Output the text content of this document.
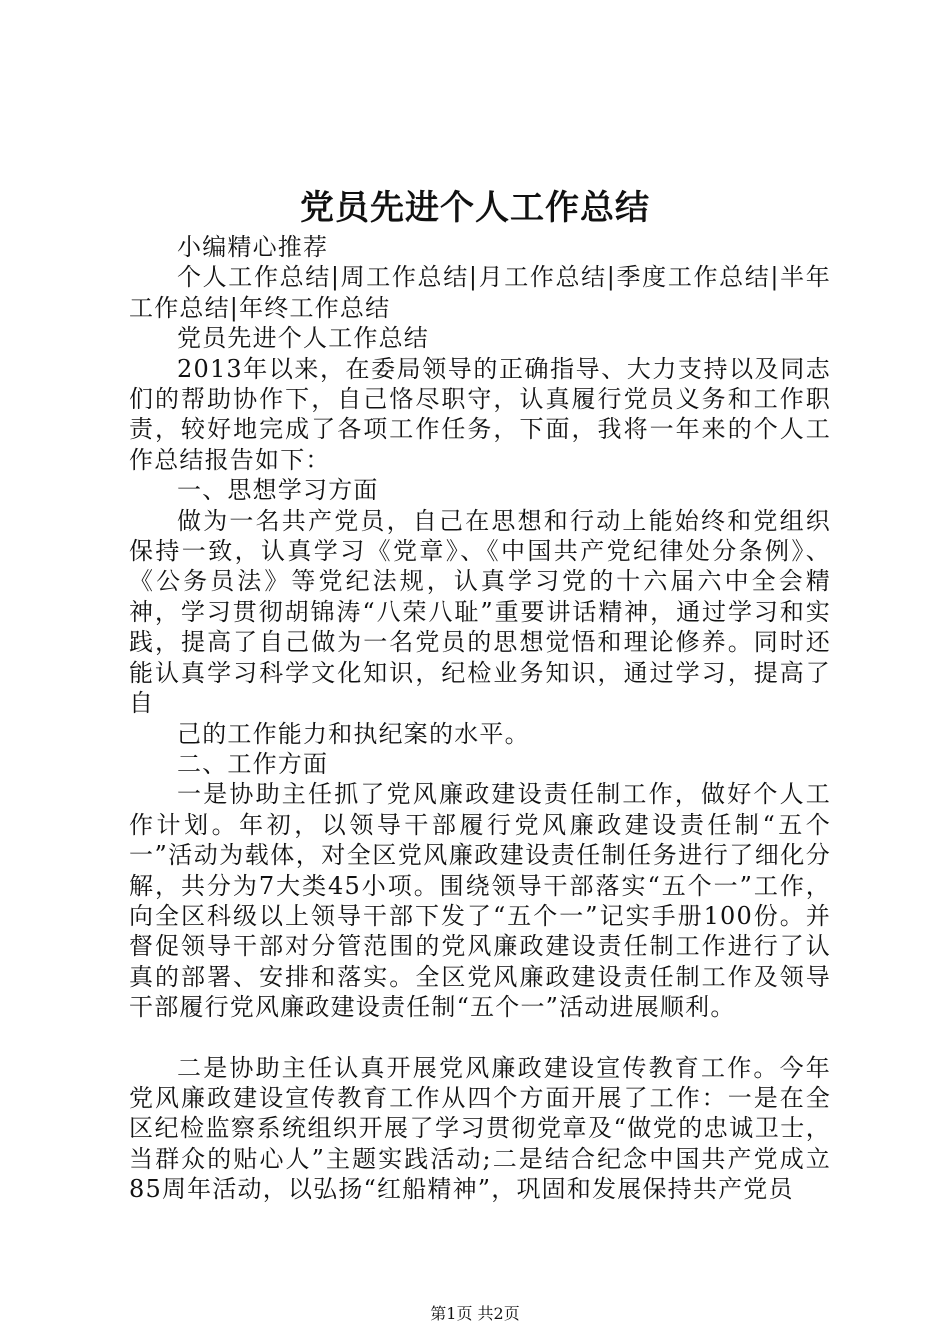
党员先进个人工作总结

小编精心推荐

个人工作总结|周工作总结|月工作总结|季度工作总结|半年工作总结|年终工作总结

党员先进个人工作总结

2013年以来，在委局领导的正确指导、大力支持以及同志们的帮助协作下，自己恪尽职守，认真履行党员义务和工作职责，较好地完成了各项工作任务，下面，我将一年来的个人工作总结报告如下：

一、思想学习方面

做为一名共产党员，自己在思想和行动上能始终和党组织保持一致，认真学习《党章》、《中国共产党纪律处分条例》、《公务员法》等党纪法规，认真学习党的十六届六中全会精神，学习贯彻胡锦涛“八荣八耻”重要讲话精神，通过学习和实践，提高了自己做为一名党员的思想觉悟和理论修养。同时还能认真学习科学文化知识，纪检业务知识，通过学习，提高了自

己的工作能力和执纪案的水平。

二、工作方面

一是协助主任抓了党风廉政建设责任制工作，做好个人工作计划。年初，以领导干部履行党风廉政建设责任制“五个一”活动为载体，对全区党风廉政建设责任制任务进行了细化分解，共分为7大类45小项。围绕领导干部落实“五个一”工作，向全区科级以上领导干部下发了“五个一”记实手册100份。并督促领导干部对分管范围的党风廉政建设责任制工作进行了认真的部署、安排和落实。全区党风廉政建设责任制工作及领导干部履行党风廉政建设责任制“五个一”活动进展顺利。

二是协助主任认真开展党风廉政建设宣传教育工作。今年党风廉政建设宣传教育工作从四个方面开展了工作：一是在全区纪检监察系统组织开展了学习贯彻党章及“做党的忠诚卫士，当群众的贴心人”主题实践活动;二是结合纪念中国共产党成立85周年活动，以弘扬“红船精神”，巩固和发展保持共产党员

第1页 共2页
